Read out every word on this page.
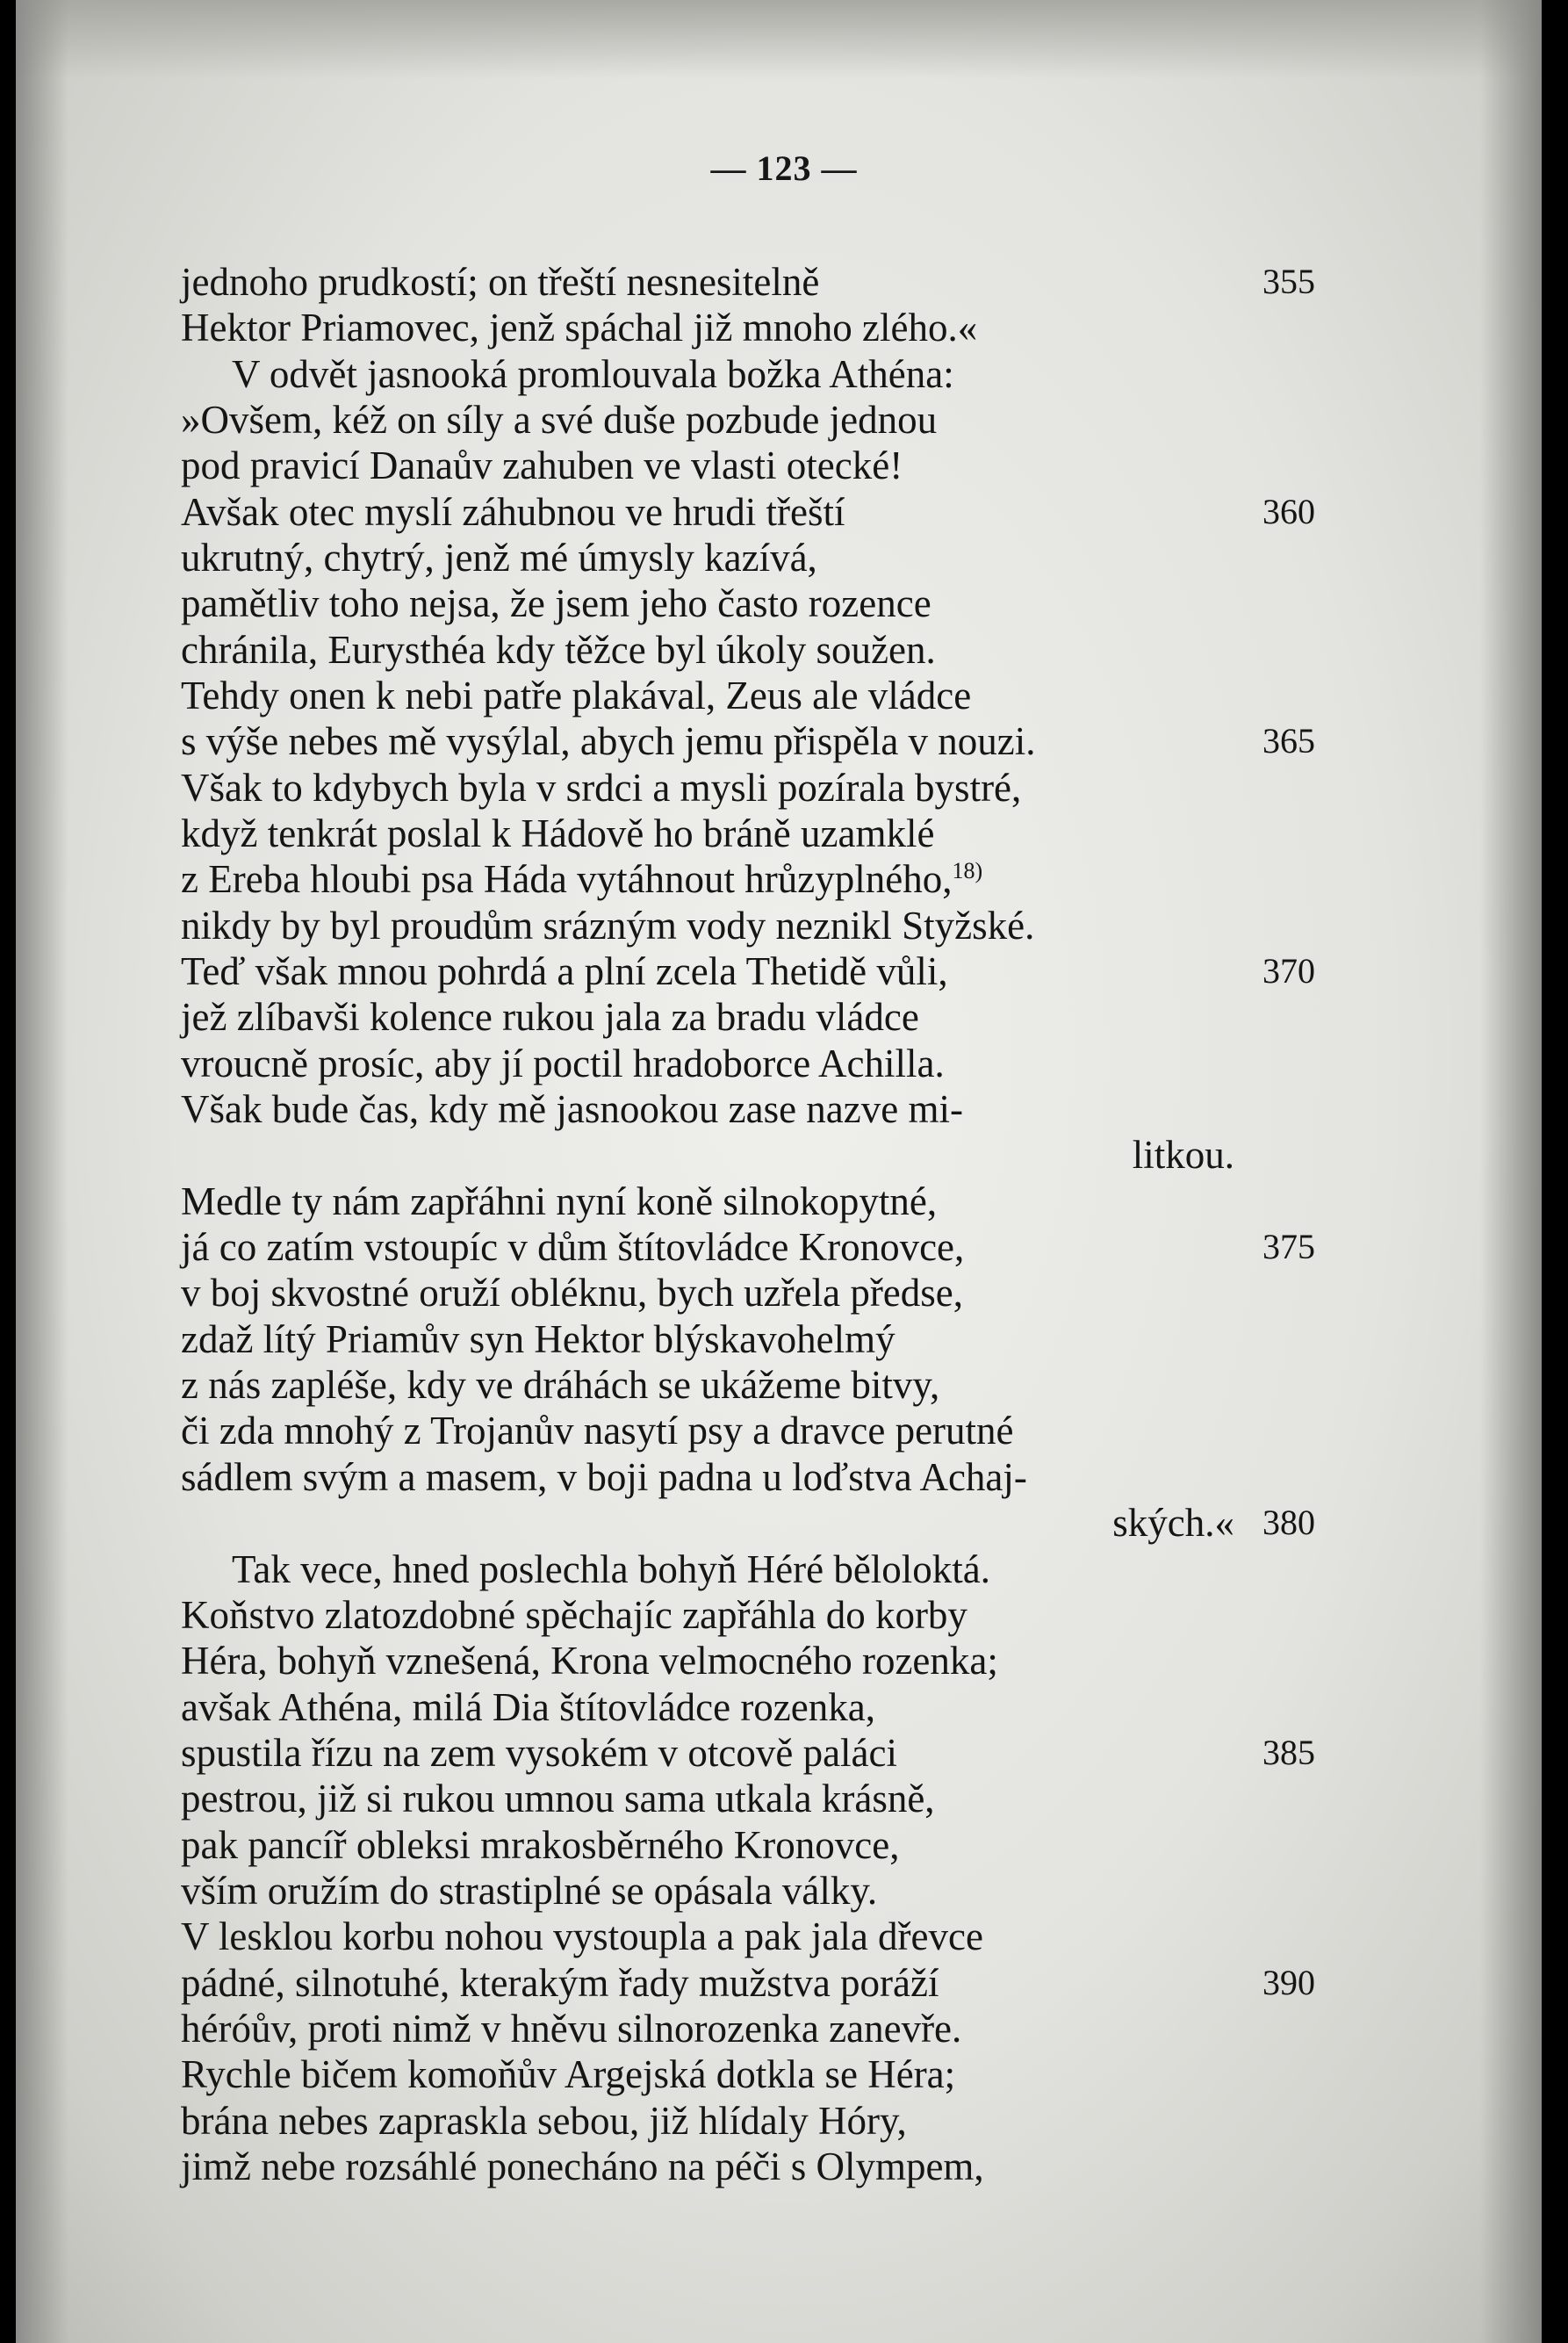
— 123 —
jednoho prudkostí; on třeští nesnesitelně
Hektor Priamovec, jenž spáchal již mnoho zlého.«
V odvět jasnooká promlouvala božka Athéna:
»Ovšem, kéž on síly a své duše pozbude jednou
pod pravicí Danaův zahuben ve vlasti otecké!
Avšak otec myslí záhubnou ve hrudi třeští
ukrutný, chytrý, jenž mé úmysly kazívá,
pamětliv toho nejsa, že jsem jeho často rozence
chránila, Eurysthéa kdy těžce byl úkoly soužen.
Tehdy onen k nebi patře plakával, Zeus ale vládce
s výše nebes mě vysýlal, abych jemu přispěla v nouzi.
Však to kdybych byla v srdci a mysli pozírala bystré,
když tenkrát poslal k Hádově ho bráně uzamklé
z Ereba hloubi psa Háda vytáhnout hrůzyplného,$^{18)}$
nikdy by byl proudům srázným vody neznikl Styžské.
Teď však mnou pohrdá a plní zcela Thetidě vůli,
jež zlíbavši kolence rukou jala za bradu vládce
vroucně prosíc, aby jí poctil hradoborce Achilla.
Však bude čas, kdy mě jasnookou zase nazve mi-
litkou.
Medle ty nám zapřáhni nyní koně silnokopytné,
já co zatím vstoupíc v dům štítovládce Kronovce,
v boj skvostné oruží obléknu, bych uzřela předse,
zdaž lítý Priamův syn Hektor blýskavohelmý
z nás zapléše, kdy ve dráhách se ukážeme bitvy,
či zda mnohý z Trojanův nasytí psy a dravce perutné
sádlem svým a masem, v boji padna u loďstva Achaj-
ských.«
Tak vece, hned poslechla bohyň Héré běloloktá.
Koňstvo zlatozdobné spěchajíc zapřáhla do korby
Héra, bohyň vznešená, Krona velmocného rozenka;
avšak Athéna, milá Dia štítovládce rozenka,
spustila řízu na zem vysokém v otcově paláci
pestrou, již si rukou umnou sama utkala krásně,
pak pancíř obleksi mrakosběrného Kronovce,
vším oružím do strastiplné se opásala války.
V lesklou korbu nohou vystoupla a pak jala dřevce
pádné, silnotuhé, kterakým řady mužstva poráží
héróův, proti nimž v hněvu silnorozenka zanevře.
Rychle bičem komoňův Argejská dotkla se Héra;
brána nebes zapraskla sebou, již hlídaly Hóry,
jimž nebe rozsáhlé ponecháno na péči s Olympem,
355
360
365
370
375
380
385
390
